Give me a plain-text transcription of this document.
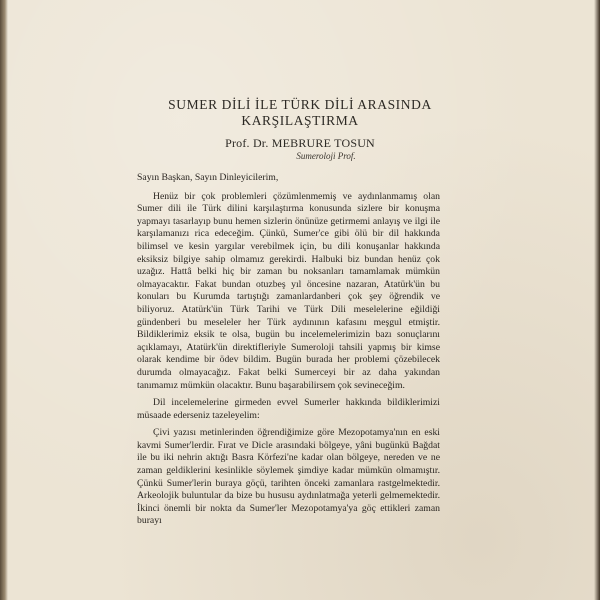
SUMER DİLİ İLE TÜRK DİLİ ARASINDA
KARŞILAŞTIRMA
Prof. Dr. MEBRURE TOSUN
Sumeroloji Prof.

Sayın Başkan, Sayın Dinleyicilerim,

Henüz bir çok problemleri çözümlenmemiş ve aydınlanmamış olan Sumer dili ile Türk dilini karşılaştırma konusunda sizlere bir konuşma yapmayı tasarlayıp bunu hemen sizlerin önünüze getirmemi anlayış ve ilgi ile karşılamanızı rica edeceğim. Çünkü, Sumer'ce gibi ölü bir dil hakkında bilimsel ve kesin yargılar verebilmek için, bu dili konuşanlar hakkında eksiksiz bilgiye sahip olmamız gerekirdi. Halbuki biz bundan henüz çok uzağız. Hattâ belki hiç bir zaman bu noksanları tamamlamak mümkün olmayacaktır. Fakat bundan otuzbeş yıl öncesine nazaran, Atatürk'ün bu konuları bu Kurumda tartıştığı zamanlardanberi çok şey öğrendik ve biliyoruz. Atatürk'ün Türk Tarihi ve Türk Dili meselelerine eğildiği gündenberi bu meseleler her Türk aydınının kafasını meşgul etmiştir. Bildiklerimiz eksik te olsa, bugün bu incelemelerimizin bazı sonuçlarını açıklamayı, Atatürk'ün direktifleriyle Sumeroloji tahsili yapmış bir kimse olarak kendime bir ödev bildim. Bugün burada her problemi çözebilecek durumda olmayacağız. Fakat belki Sumerceyi bir az daha yakından tanımamız mümkün olacaktır. Bunu başarabilirsem çok sevineceğim.

Dil incelemelerine girmeden evvel Sumerler hakkında bildiklerimizi müsaade ederseniz tazeleyelim:

Çivi yazısı metinlerinden öğrendiğimize göre Mezopotamya'nın en eski kavmi Sumer'lerdir. Fırat ve Dicle arasındaki bölgeye, yâni bugünkü Bağdat ile bu iki nehrin aktığı Basra Körfezi'ne kadar olan bölgeye, nereden ve ne zaman geldiklerini kesinlikle söylemek şimdiye kadar mümkün olmamıştır. Çünkü Sumer'lerin buraya göçü, tarihten önceki zamanlara rastgelmektedir. Arkeolojik buluntular da bize bu hususu aydınlatmağa yeterli gelmemektedir. İkinci önemli bir nokta da Sumer'ler Mezopotamya'ya göç ettikleri zaman burayı
